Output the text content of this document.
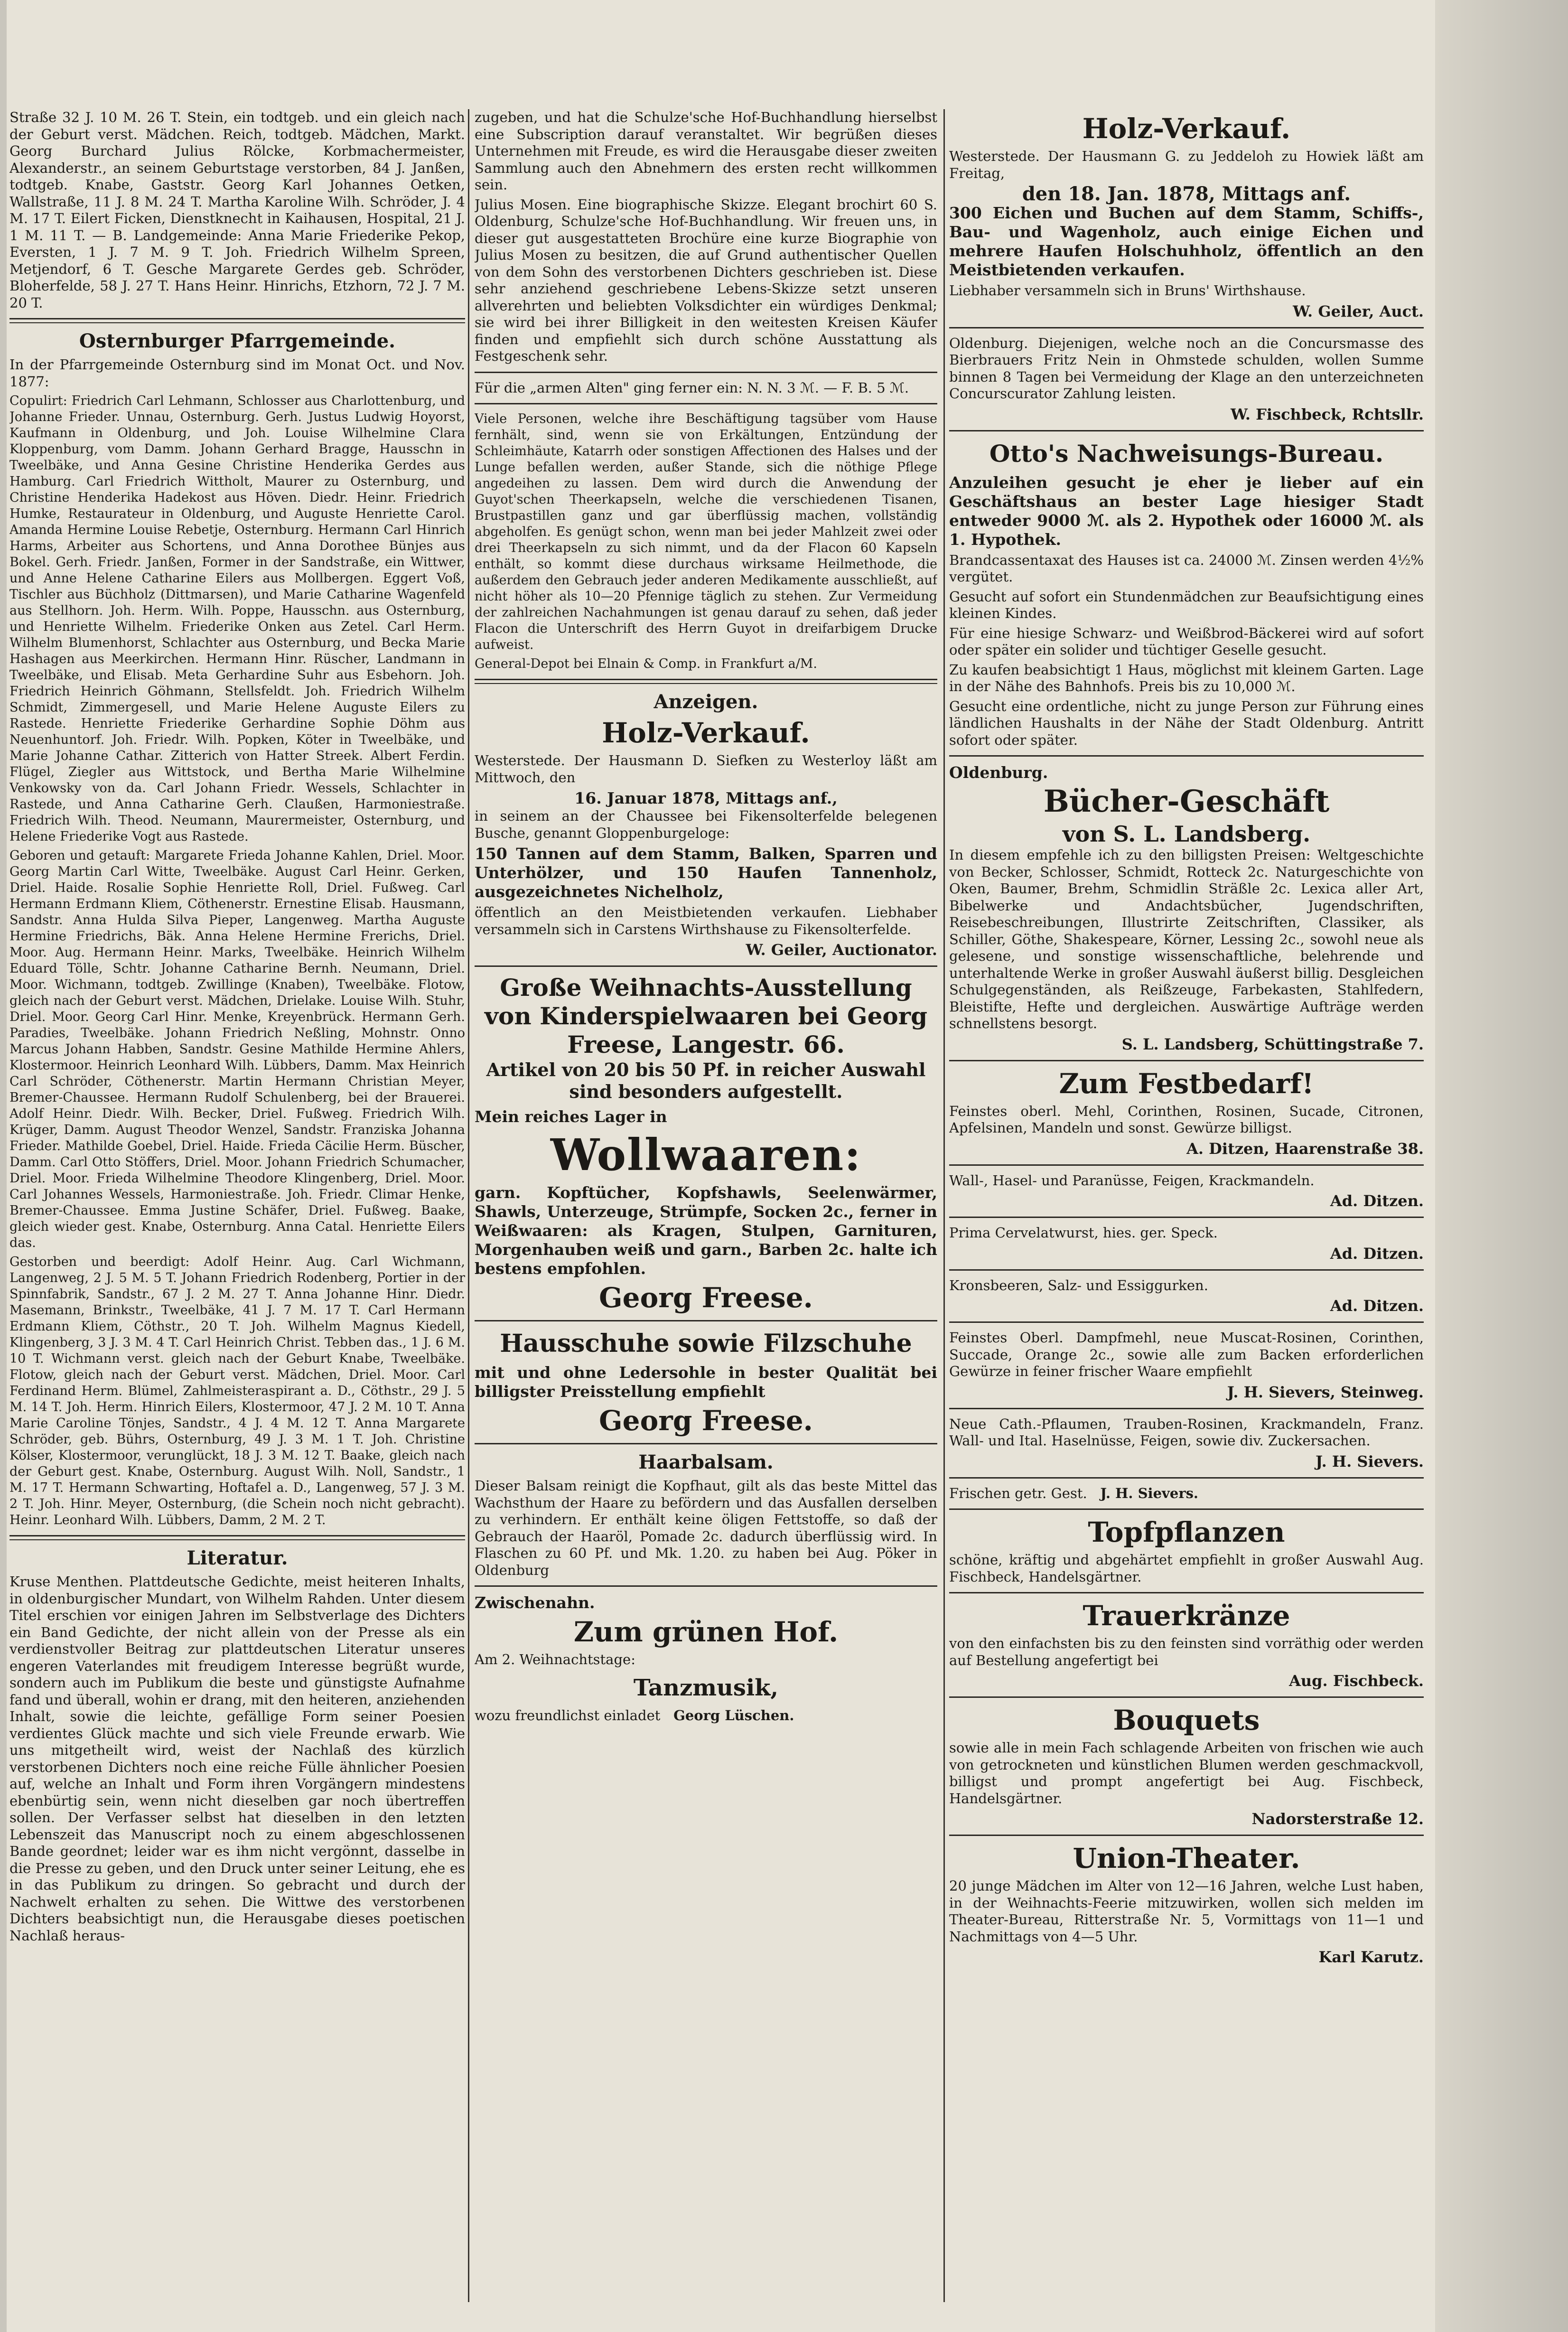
Straße 32 J. 10 M. 26 T. Stein, ein todtgeb. und ein gleich nach der Geburt verst. Mädchen. Reich, todtgeb. Mädchen, Markt. Georg Burchard Julius Rölcke, Korbmachermeister, Alexanderstr., an seinem Geburtstage verstorben, 84 J. Janßen, todtgeb. Knabe, Gaststr. Georg Karl Johannes Oetken, Wallstraße, 11 J. 8 M. 24 T. Martha Karoline Wilh. Schröder, J. 4 M. 17 T. Eilert Ficken, Dienstknecht in Kaihausen, Hospital, 21 J. 1 M. 11 T. — B. Landgemeinde: Anna Marie Friederike Pekop, Eversten, 1 J. 7 M. 9 T. Joh. Friedrich Wilhelm Spreen, Metjendorf, 6 T. Gesche Margarete Gerdes geb. Schröder, Bloherfelde, 58 J. 27 T. Hans Heinr. Hinrichs, Etzhorn, 72 J. 7 M. 20 T.

Osternburger Pfarrgemeinde.

In der Pfarrgemeinde Osternburg sind im Monat Oct. und Nov. 1877:

Copulirt: Friedrich Carl Lehmann, Schlosser aus Charlottenburg, und Johanne Frieder. Unnau, Osternburg. Gerh. Justus Ludwig Hoyorst, Kaufmann in Oldenburg, und Joh. Louise Wilhelmine Clara Kloppenburg, vom Damm. Johann Gerhard Bragge, Hausschn in Tweelbäke, und Anna Gesine Christine Henderika Gerdes aus Hamburg. Carl Friedrich Wittholt, Maurer zu Osternburg, und Christine Henderika Hadekost aus Höven. Diedr. Heinr. Friedrich Humke, Restaurateur in Oldenburg, und Auguste Henriette Carol. Amanda Hermine Louise Rebetje, Osternburg. Hermann Carl Hinrich Harms, Arbeiter aus Schortens, und Anna Dorothee Bünjes aus Bokel. Gerh. Friedr. Janßen, Former in der Sandstraße, ein Wittwer, und Anne Helene Catharine Eilers aus Mollbergen. Eggert Voß, Tischler aus Büchholz (Dittmarsen), und Marie Catharine Wagenfeld aus Stellhorn. Joh. Herm. Wilh. Poppe, Hausschn. aus Osternburg, und Henriette Wilhelm. Friederike Onken aus Zetel. Carl Herm. Wilhelm Blumenhorst, Schlachter aus Osternburg, und Becka Marie Hashagen aus Meerkirchen. Hermann Hinr. Rüscher, Landmann in Tweelbäke, und Elisab. Meta Gerhardine Suhr aus Esbehorn. Joh. Friedrich Heinrich Göhmann, Stellsfeldt. Joh. Friedrich Wilhelm Schmidt, Zimmergesell, und Marie Helene Auguste Eilers zu Rastede. Henriette Friederike Gerhardine Sophie Döhm aus Neuenhuntorf. Joh. Friedr. Wilh. Popken, Köter in Tweelbäke, und Marie Johanne Cathar. Zitterich von Hatter Streek. Albert Ferdin. Flügel, Ziegler aus Wittstock, und Bertha Marie Wilhelmine Venkowsky von da. Carl Johann Friedr. Wessels, Schlachter in Rastede, und Anna Catharine Gerh. Claußen, Harmoniestraße. Friedrich Wilh. Theod. Neumann, Maurermeister, Osternburg, und Helene Friederike Vogt aus Rastede.

Geboren und getauft: Margarete Frieda Johanne Kahlen, Driel. Moor. Georg Martin Carl Witte, Tweelbäke. August Carl Heinr. Gerken, Driel. Haide. Rosalie Sophie Henriette Roll, Driel. Fußweg. Carl Hermann Erdmann Kliem, Cöthenerstr. Ernestine Elisab. Hausmann, Sandstr. Anna Hulda Silva Pieper, Langenweg. Martha Auguste Hermine Friedrichs, Bäk. Anna Helene Hermine Frerichs, Driel. Moor. Aug. Hermann Heinr. Marks, Tweelbäke. Heinrich Wilhelm Eduard Tölle, Schtr. Johanne Catharine Bernh. Neumann, Driel. Moor. Wichmann, todtgeb. Zwillinge (Knaben), Tweelbäke. Flotow, gleich nach der Geburt verst. Mädchen, Drielake. Louise Wilh. Stuhr, Driel. Moor. Georg Carl Hinr. Menke, Kreyenbrück. Hermann Gerh. Paradies, Tweelbäke. Johann Friedrich Neßling, Mohnstr. Onno Marcus Johann Habben, Sandstr. Gesine Mathilde Hermine Ahlers, Klostermoor. Heinrich Leonhard Wilh. Lübbers, Damm. Max Heinrich Carl Schröder, Cöthenerstr. Martin Hermann Christian Meyer, Bremer-Chaussee. Hermann Rudolf Schulenberg, bei der Brauerei. Adolf Heinr. Diedr. Wilh. Becker, Driel. Fußweg. Friedrich Wilh. Krüger, Damm. August Theodor Wenzel, Sandstr. Franziska Johanna Frieder. Mathilde Goebel, Driel. Haide. Frieda Cäcilie Herm. Büscher, Damm. Carl Otto Stöffers, Driel. Moor. Johann Friedrich Schumacher, Driel. Moor. Frieda Wilhelmine Theodore Klingenberg, Driel. Moor. Carl Johannes Wessels, Harmoniestraße. Joh. Friedr. Climar Henke, Bremer-Chaussee. Emma Justine Schäfer, Driel. Fußweg. Baake, gleich wieder gest. Knabe, Osternburg. Anna Catal. Henriette Eilers das.

Gestorben und beerdigt: Adolf Heinr. Aug. Carl Wichmann, Langenweg, 2 J. 5 M. 5 T. Johann Friedrich Rodenberg, Portier in der Spinnfabrik, Sandstr., 67 J. 2 M. 27 T. Anna Johanne Hinr. Diedr. Masemann, Brinkstr., Tweelbäke, 41 J. 7 M. 17 T. Carl Hermann Erdmann Kliem, Cöthstr., 20 T. Joh. Wilhelm Magnus Kiedell, Klingenberg, 3 J. 3 M. 4 T. Carl Heinrich Christ. Tebben das., 1 J. 6 M. 10 T. Wichmann verst. gleich nach der Geburt Knabe, Tweelbäke. Flotow, gleich nach der Geburt verst. Mädchen, Driel. Moor. Carl Ferdinand Herm. Blümel, Zahlmeisteraspirant a. D., Cöthstr., 29 J. 5 M. 14 T. Joh. Herm. Hinrich Eilers, Klostermoor, 47 J. 2 M. 10 T. Anna Marie Caroline Tönjes, Sandstr., 4 J. 4 M. 12 T. Anna Margarete Schröder, geb. Bührs, Osternburg, 49 J. 3 M. 1 T. Joh. Christine Kölser, Klostermoor, verunglückt, 18 J. 3 M. 12 T. Baake, gleich nach der Geburt gest. Knabe, Osternburg. August Wilh. Noll, Sandstr., 1 M. 17 T. Hermann Schwarting, Hoftafel a. D., Langenweg, 57 J. 3 M. 2 T. Joh. Hinr. Meyer, Osternburg, (die Schein noch nicht gebracht). Heinr. Leonhard Wilh. Lübbers, Damm, 2 M. 2 T.

Literatur.

Kruse Menthen. Plattdeutsche Gedichte, meist heiteren Inhalts, in oldenburgischer Mundart, von Wilhelm Rahden. Unter diesem Titel erschien vor einigen Jahren im Selbstverlage des Dichters ein Band Gedichte, der nicht allein von der Presse als ein verdienstvoller Beitrag zur plattdeutschen Literatur unseres engeren Vaterlandes mit freudigem Interesse begrüßt wurde, sondern auch im Publikum die beste und günstigste Aufnahme fand und überall, wohin er drang, mit den heiteren, anziehenden Inhalt, sowie die leichte, gefällige Form seiner Poesien verdientes Glück machte und sich viele Freunde erwarb. Wie uns mitgetheilt wird, weist der Nachlaß des kürzlich verstorbenen Dichters noch eine reiche Fülle ähnlicher Poesien auf, welche an Inhalt und Form ihren Vorgängern mindestens ebenbürtig sein, wenn nicht dieselben gar noch übertreffen sollen. Der Verfasser selbst hat dieselben in den letzten Lebenszeit das Manuscript noch zu einem abgeschlossenen Bande geordnet; leider war es ihm nicht vergönnt, dasselbe in die Presse zu geben, und den Druck unter seiner Leitung, ehe es in das Publikum zu dringen. So gebracht und durch der Nachwelt erhalten zu sehen. Die Wittwe des verstorbenen Dichters beabsichtigt nun, die Herausgabe dieses poetischen Nachlaß heraus-

zugeben, und hat die Schulze'sche Hof-Buchhandlung hierselbst eine Subscription darauf veranstaltet. Wir begrüßen dieses Unternehmen mit Freude, es wird die Herausgabe dieser zweiten Sammlung auch den Abnehmern des ersten recht willkommen sein.

Julius Mosen. Eine biographische Skizze. Elegant brochirt 60 S. Oldenburg, Schulze'sche Hof-Buchhandlung. Wir freuen uns, in dieser gut ausgestatteten Brochüre eine kurze Biographie von Julius Mosen zu besitzen, die auf Grund authentischer Quellen von dem Sohn des verstorbenen Dichters geschrieben ist. Diese sehr anziehend geschriebene Lebens-Skizze setzt unseren allverehrten und beliebten Volksdichter ein würdiges Denkmal; sie wird bei ihrer Billigkeit in den weitesten Kreisen Käufer finden und empfiehlt sich durch schöne Ausstattung als Festgeschenk sehr.

Für die „armen Alten" ging ferner ein: N. N. 3 ℳ. — F. B. 5 ℳ.

Viele Personen, welche ihre Beschäftigung tagsüber vom Hause fernhält, sind, wenn sie von Erkältungen, Entzündung der Schleimhäute, Katarrh oder sonstigen Affectionen des Halses und der Lunge befallen werden, außer Stande, sich die nöthige Pflege angedeihen zu lassen. Dem wird durch die Anwendung der Guyot'schen Theerkapseln, welche die verschiedenen Tisanen, Brustpastillen ganz und gar überflüssig machen, vollständig abgeholfen. Es genügt schon, wenn man bei jeder Mahlzeit zwei oder drei Theerkapseln zu sich nimmt, und da der Flacon 60 Kapseln enthält, so kommt diese durchaus wirksame Heilmethode, die außerdem den Gebrauch jeder anderen Medikamente ausschließt, auf nicht höher als 10—20 Pfennige täglich zu stehen. Zur Vermeidung der zahlreichen Nachahmungen ist genau darauf zu sehen, daß jeder Flacon die Unterschrift des Herrn Guyot in dreifarbigem Drucke aufweist.

General-Depot bei Elnain & Comp. in Frankfurt a/M.

Anzeigen.
Holz-Verkauf.

Westerstede. Der Hausmann D. Siefken zu Westerloy läßt am Mittwoch, den

16. Januar 1878, Mittags anf.,

in seinem an der Chaussee bei Fikensolterfelde belegenen Busche, genannt Gloppenburgeloge:

150 Tannen auf dem Stamm, Balken, Sparren und Unterhölzer, und 150 Haufen Tannenholz, ausgezeichnetes Nichelholz,

öffentlich an den Meistbietenden verkaufen. Liebhaber versammeln sich in Carstens Wirthshause zu Fikensolterfelde.

W. Geiler, Auctionator.
Große Weihnachts-Ausstellung von Kinderspielwaaren bei Georg Freese, Langestr. 66.
Artikel von 20 bis 50 Pf. in reicher Auswahl sind besonders aufgestellt.
Mein reiches Lager in
Wollwaaren:

garn. Kopftücher, Kopfshawls, Seelenwärmer, Shawls, Unterzeuge, Strümpfe, Socken 2c., ferner in Weißwaaren: als Kragen, Stulpen, Garnituren, Morgenhauben weiß und garn., Barben 2c. halte ich bestens empfohlen.

Georg Freese.
Hausschuhe sowie Filzschuhe

mit und ohne Ledersohle in bester Qualität bei billigster Preisstellung empfiehlt

Georg Freese.
Haarbalsam.

Dieser Balsam reinigt die Kopfhaut, gilt als das beste Mittel das Wachsthum der Haare zu befördern und das Ausfallen derselben zu verhindern. Er enthält keine öligen Fettstoffe, so daß der Gebrauch der Haaröl, Pomade 2c. dadurch überflüssig wird. In Flaschen zu 60 Pf. und Mk. 1.20. zu haben bei Aug. Pöker in Oldenburg

Zwischenahn.
Zum grünen Hof.

Am 2. Weihnachtstage:

Tanzmusik,

wozu freundlichst einladet Georg Lüschen.

Holz-Verkauf.

Westerstede. Der Hausmann G. zu Jeddeloh zu Howiek läßt am Freitag,

den 18. Jan. 1878, Mittags anf.

300 Eichen und Buchen auf dem Stamm, Schiffs-, Bau- und Wagenholz, auch einige Eichen und mehrere Haufen Holschuhholz, öffentlich an den Meistbietenden verkaufen.

Liebhaber versammeln sich in Bruns' Wirthshause.

W. Geiler, Auct.

Oldenburg. Diejenigen, welche noch an die Concursmasse des Bierbrauers Fritz Nein in Ohmstede schulden, wollen Summe binnen 8 Tagen bei Vermeidung der Klage an den unterzeichneten Concurscurator Zahlung leisten.

W. Fischbeck, Rchtsllr.
Otto's Nachweisungs-Bureau.

Anzuleihen gesucht je eher je lieber auf ein Geschäftshaus an bester Lage hiesiger Stadt entweder 9000 ℳ. als 2. Hypothek oder 16000 ℳ. als 1. Hypothek.

Brandcassentaxat des Hauses ist ca. 24000 ℳ. Zinsen werden 4½% vergütet.

Gesucht auf sofort ein Stundenmädchen zur Beaufsichtigung eines kleinen Kindes.

Für eine hiesige Schwarz- und Weißbrod-Bäckerei wird auf sofort oder später ein solider und tüchtiger Geselle gesucht.

Zu kaufen beabsichtigt 1 Haus, möglichst mit kleinem Garten. Lage in der Nähe des Bahnhofs. Preis bis zu 10,000 ℳ.

Gesucht eine ordentliche, nicht zu junge Person zur Führung eines ländlichen Haushalts in der Nähe der Stadt Oldenburg. Antritt sofort oder später.

Oldenburg.
Bücher-Geschäft
von S. L. Landsberg.

In diesem empfehle ich zu den billigsten Preisen: Weltgeschichte von Becker, Schlosser, Schmidt, Rotteck 2c. Naturgeschichte von Oken, Baumer, Brehm, Schmidlin Sträßle 2c. Lexica aller Art, Bibelwerke und Andachtsbücher, Jugendschriften, Reisebeschreibungen, Illustrirte Zeitschriften, Classiker, als Schiller, Göthe, Shakespeare, Körner, Lessing 2c., sowohl neue als gelesene, und sonstige wissenschaftliche, belehrende und unterhaltende Werke in großer Auswahl äußerst billig. Desgleichen Schulgegenständen, als Reißzeuge, Farbekasten, Stahlfedern, Bleistifte, Hefte und dergleichen. Auswärtige Aufträge werden schnellstens besorgt.

S. L. Landsberg, Schüttingstraße 7.
Zum Festbedarf!

Feinstes oberl. Mehl, Corinthen, Rosinen, Sucade, Citronen, Apfelsinen, Mandeln und sonst. Gewürze billigst.

A. Ditzen, Haarenstraße 38.

Wall-, Hasel- und Paranüsse, Feigen, Krackmandeln.

Ad. Ditzen.

Prima Cervelatwurst, hies. ger. Speck.

Ad. Ditzen.

Kronsbeeren, Salz- und Essiggurken.

Ad. Ditzen.

Feinstes Oberl. Dampfmehl, neue Muscat-Rosinen, Corinthen, Succade, Orange 2c., sowie alle zum Backen erforderlichen Gewürze in feiner frischer Waare empfiehlt

J. H. Sievers, Steinweg.

Neue Cath.-Pflaumen, Trauben-Rosinen, Krackmandeln, Franz. Wall- und Ital. Haselnüsse, Feigen, sowie div. Zuckersachen.

J. H. Sievers.

Frischen getr. Gest. J. H. Sievers.

Topfpflanzen

schöne, kräftig und abgehärtet empfiehlt in großer Auswahl Aug. Fischbeck, Handelsgärtner.

Trauerkränze

von den einfachsten bis zu den feinsten sind vorräthig oder werden auf Bestellung angefertigt bei

Aug. Fischbeck.
Bouquets

sowie alle in mein Fach schlagende Arbeiten von frischen wie auch von getrockneten und künstlichen Blumen werden geschmackvoll, billigst und prompt angefertigt bei Aug. Fischbeck, Handelsgärtner.

Nadorsterstraße 12.
Union-Theater.

20 junge Mädchen im Alter von 12—16 Jahren, welche Lust haben, in der Weihnachts-Feerie mitzuwirken, wollen sich melden im Theater-Bureau, Ritterstraße Nr. 5, Vormittags von 11—1 und Nachmittags von 4—5 Uhr.

Karl Karutz.
